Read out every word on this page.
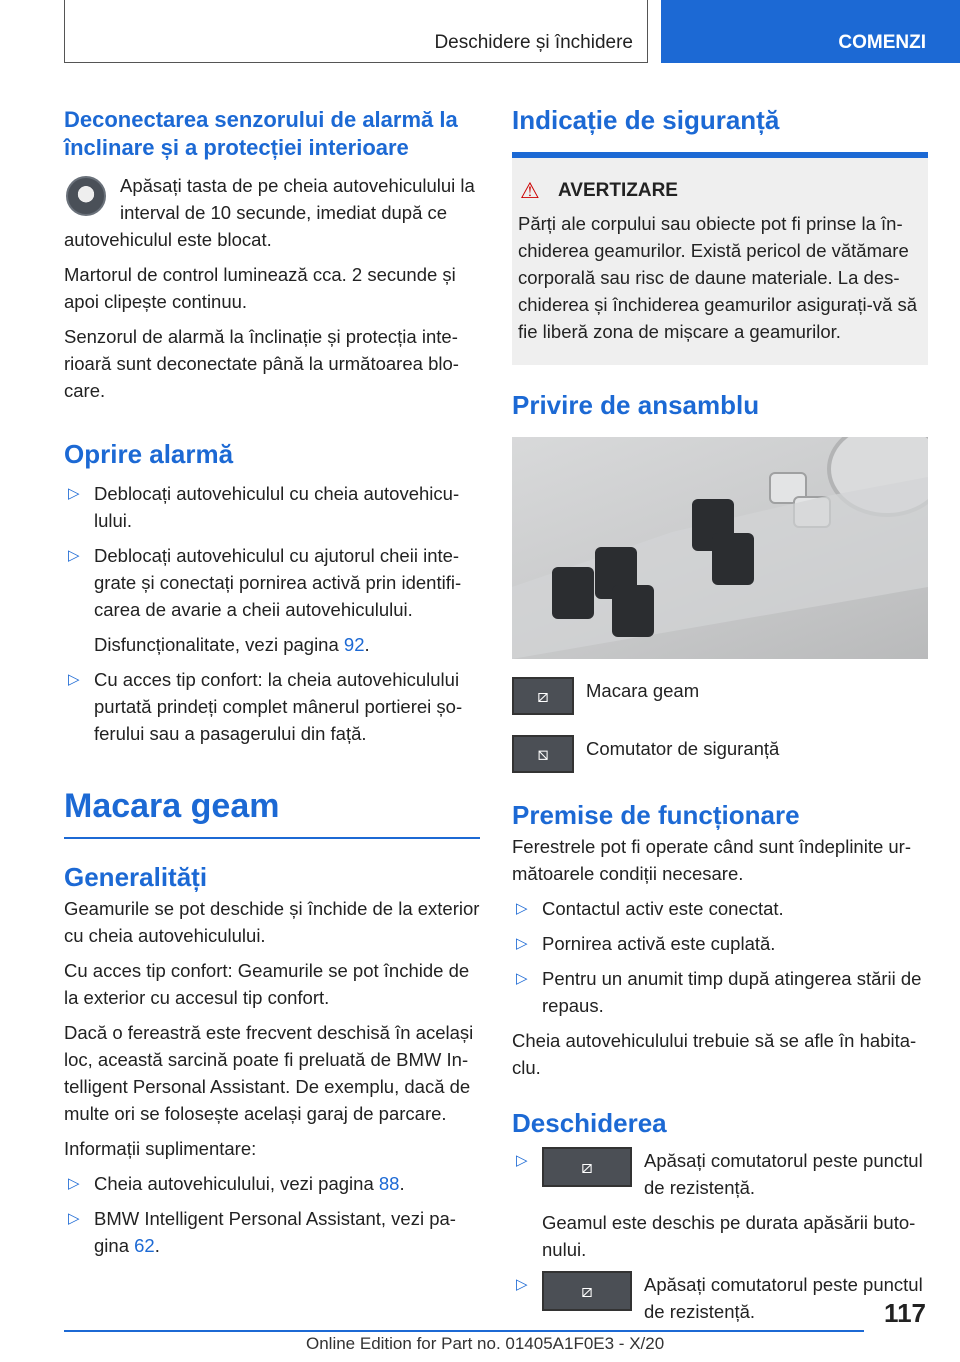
Deschidere și închidere	COMENZI
Deconectarea senzorului de alarmă la înclinare și a protecției interioare

Apăsați tasta de pe cheia autovehiculului la interval de 10 secunde, imediat după ce autovehiculul este blocat.

Martorul de control luminează cca. 2 secunde și apoi clipește continuu.

Senzorul de alarmă la înclinație și protecția interioară sunt deconectate până la următoarea blocare.

Oprire alarmă
▷ Deblocați autovehiculul cu cheia autovehiculului.
▷ Deblocați autovehiculul cu ajutorul cheii integrate și conectați pornirea activă prin identificarea de avarie a cheii autovehiculului.
Disfuncționalitate, vezi pagina 92.
▷ Cu acces tip confort: la cheia autovehiculului purtată prindeți complet mânerul portierei șoferului sau a pasagerului din față.
Macara geam
Generalități

Geamurile se pot deschide și închide de la exterior cu cheia autovehiculului.

Cu acces tip confort: Geamurile se pot închide de la exterior cu accesul tip confort.

Dacă o fereastră este frecvent deschisă în același loc, această sarcină poate fi preluată de BMW Intelligent Personal Assistant. De exemplu, dacă de multe ori se folosește același garaj de parcare.

Informații suplimentare:

▷ Cheia autovehiculului, vezi pagina 88.
▷ BMW Intelligent Personal Assistant, vezi pagina 62.
Indicație de siguranță
⚠ AVERTIZARE

Părți ale corpului sau obiecte pot fi prinse la închiderea geamurilor. Există pericol de vătămare corporală sau risc de daune materiale. La deschiderea și închiderea geamurilor asigurați-vă să fie liberă zona de mișcare a geamurilor.

Privire de ansamblu
⧄	Macara geam

⧅	Comutator de siguranță

Premise de funcționare

Ferestrele pot fi operate când sunt îndeplinite următoarele condiții necesare.

▷ Contactul activ este conectat.
▷ Pornirea activă este cuplată.
▷ Pentru un anumit timp după atingerea stării de repaus.

Cheia autovehiculului trebuie să se afle în habitaclu.

Deschiderea
▷	⧄	Apăsați comutatorul peste punctul de rezistență.

Geamul este deschis pe durata apăsării butonului.

▷	⧄	Apăsați comutatorul peste punctul de rezistență.	117
Online Edition for Part no. 01405A1F0E3 - X/20
